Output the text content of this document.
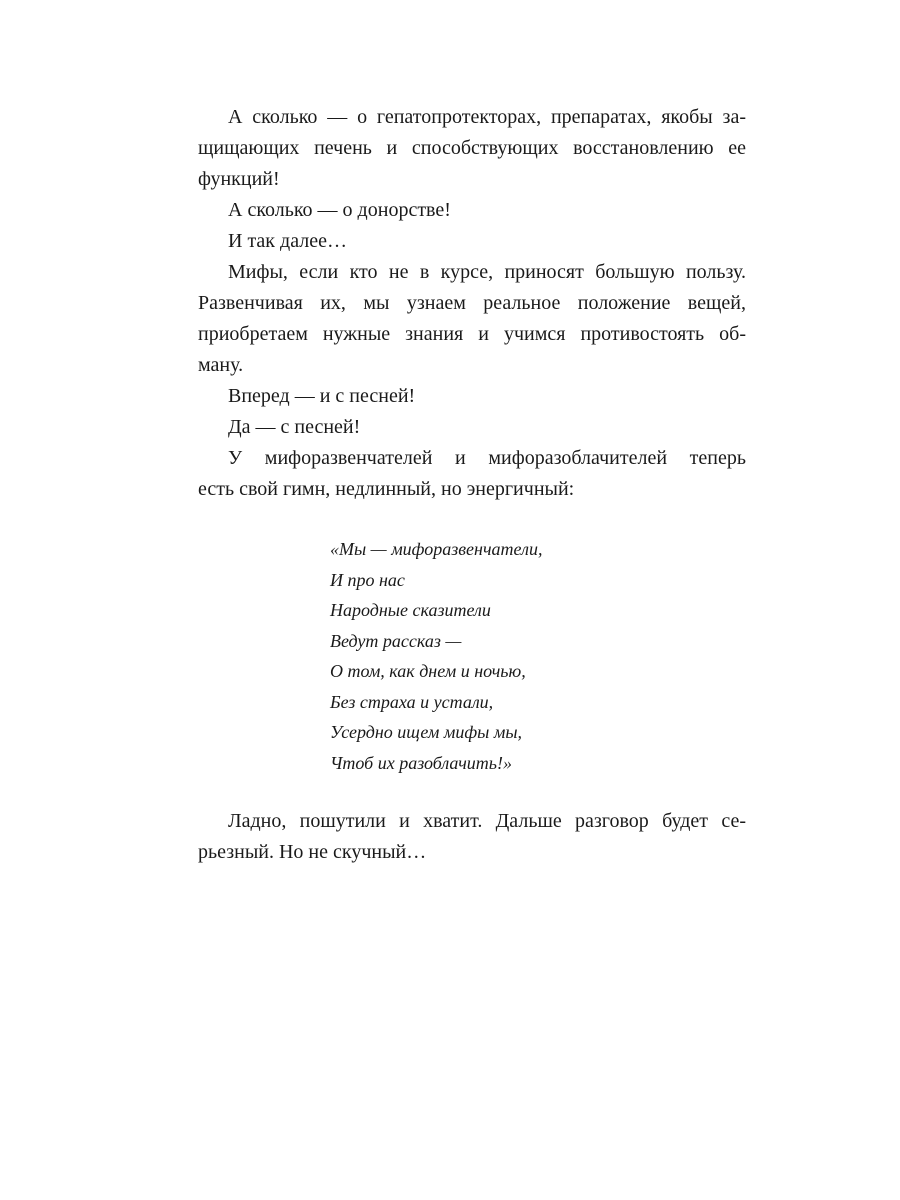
А сколько — о гепатопротекторах, препаратах, якобы за-
щищающих печень и способствующих восстановлению ее
функций!
А сколько — о донорстве!
И так далее…
Мифы, если кто не в курсе, приносят большую пользу.
Развенчивая их, мы узнаем реальное положение вещей,
приобретаем нужные знания и учимся противостоять об-
ману.
Вперед — и с песней!
Да — с песней!
У мифоразвенчателей и мифоразоблачителей теперь
есть свой гимн, недлинный, но энергичный:
«Мы — мифоразвенчатели,
И про нас
Народные сказители
Ведут рассказ —
О том, как днем и ночью,
Без страха и устали,
Усердно ищем мифы мы,
Чтоб их разоблачить!»
Ладно, пошутили и хватит. Дальше разговор будет се-
рьезный. Но не скучный…
